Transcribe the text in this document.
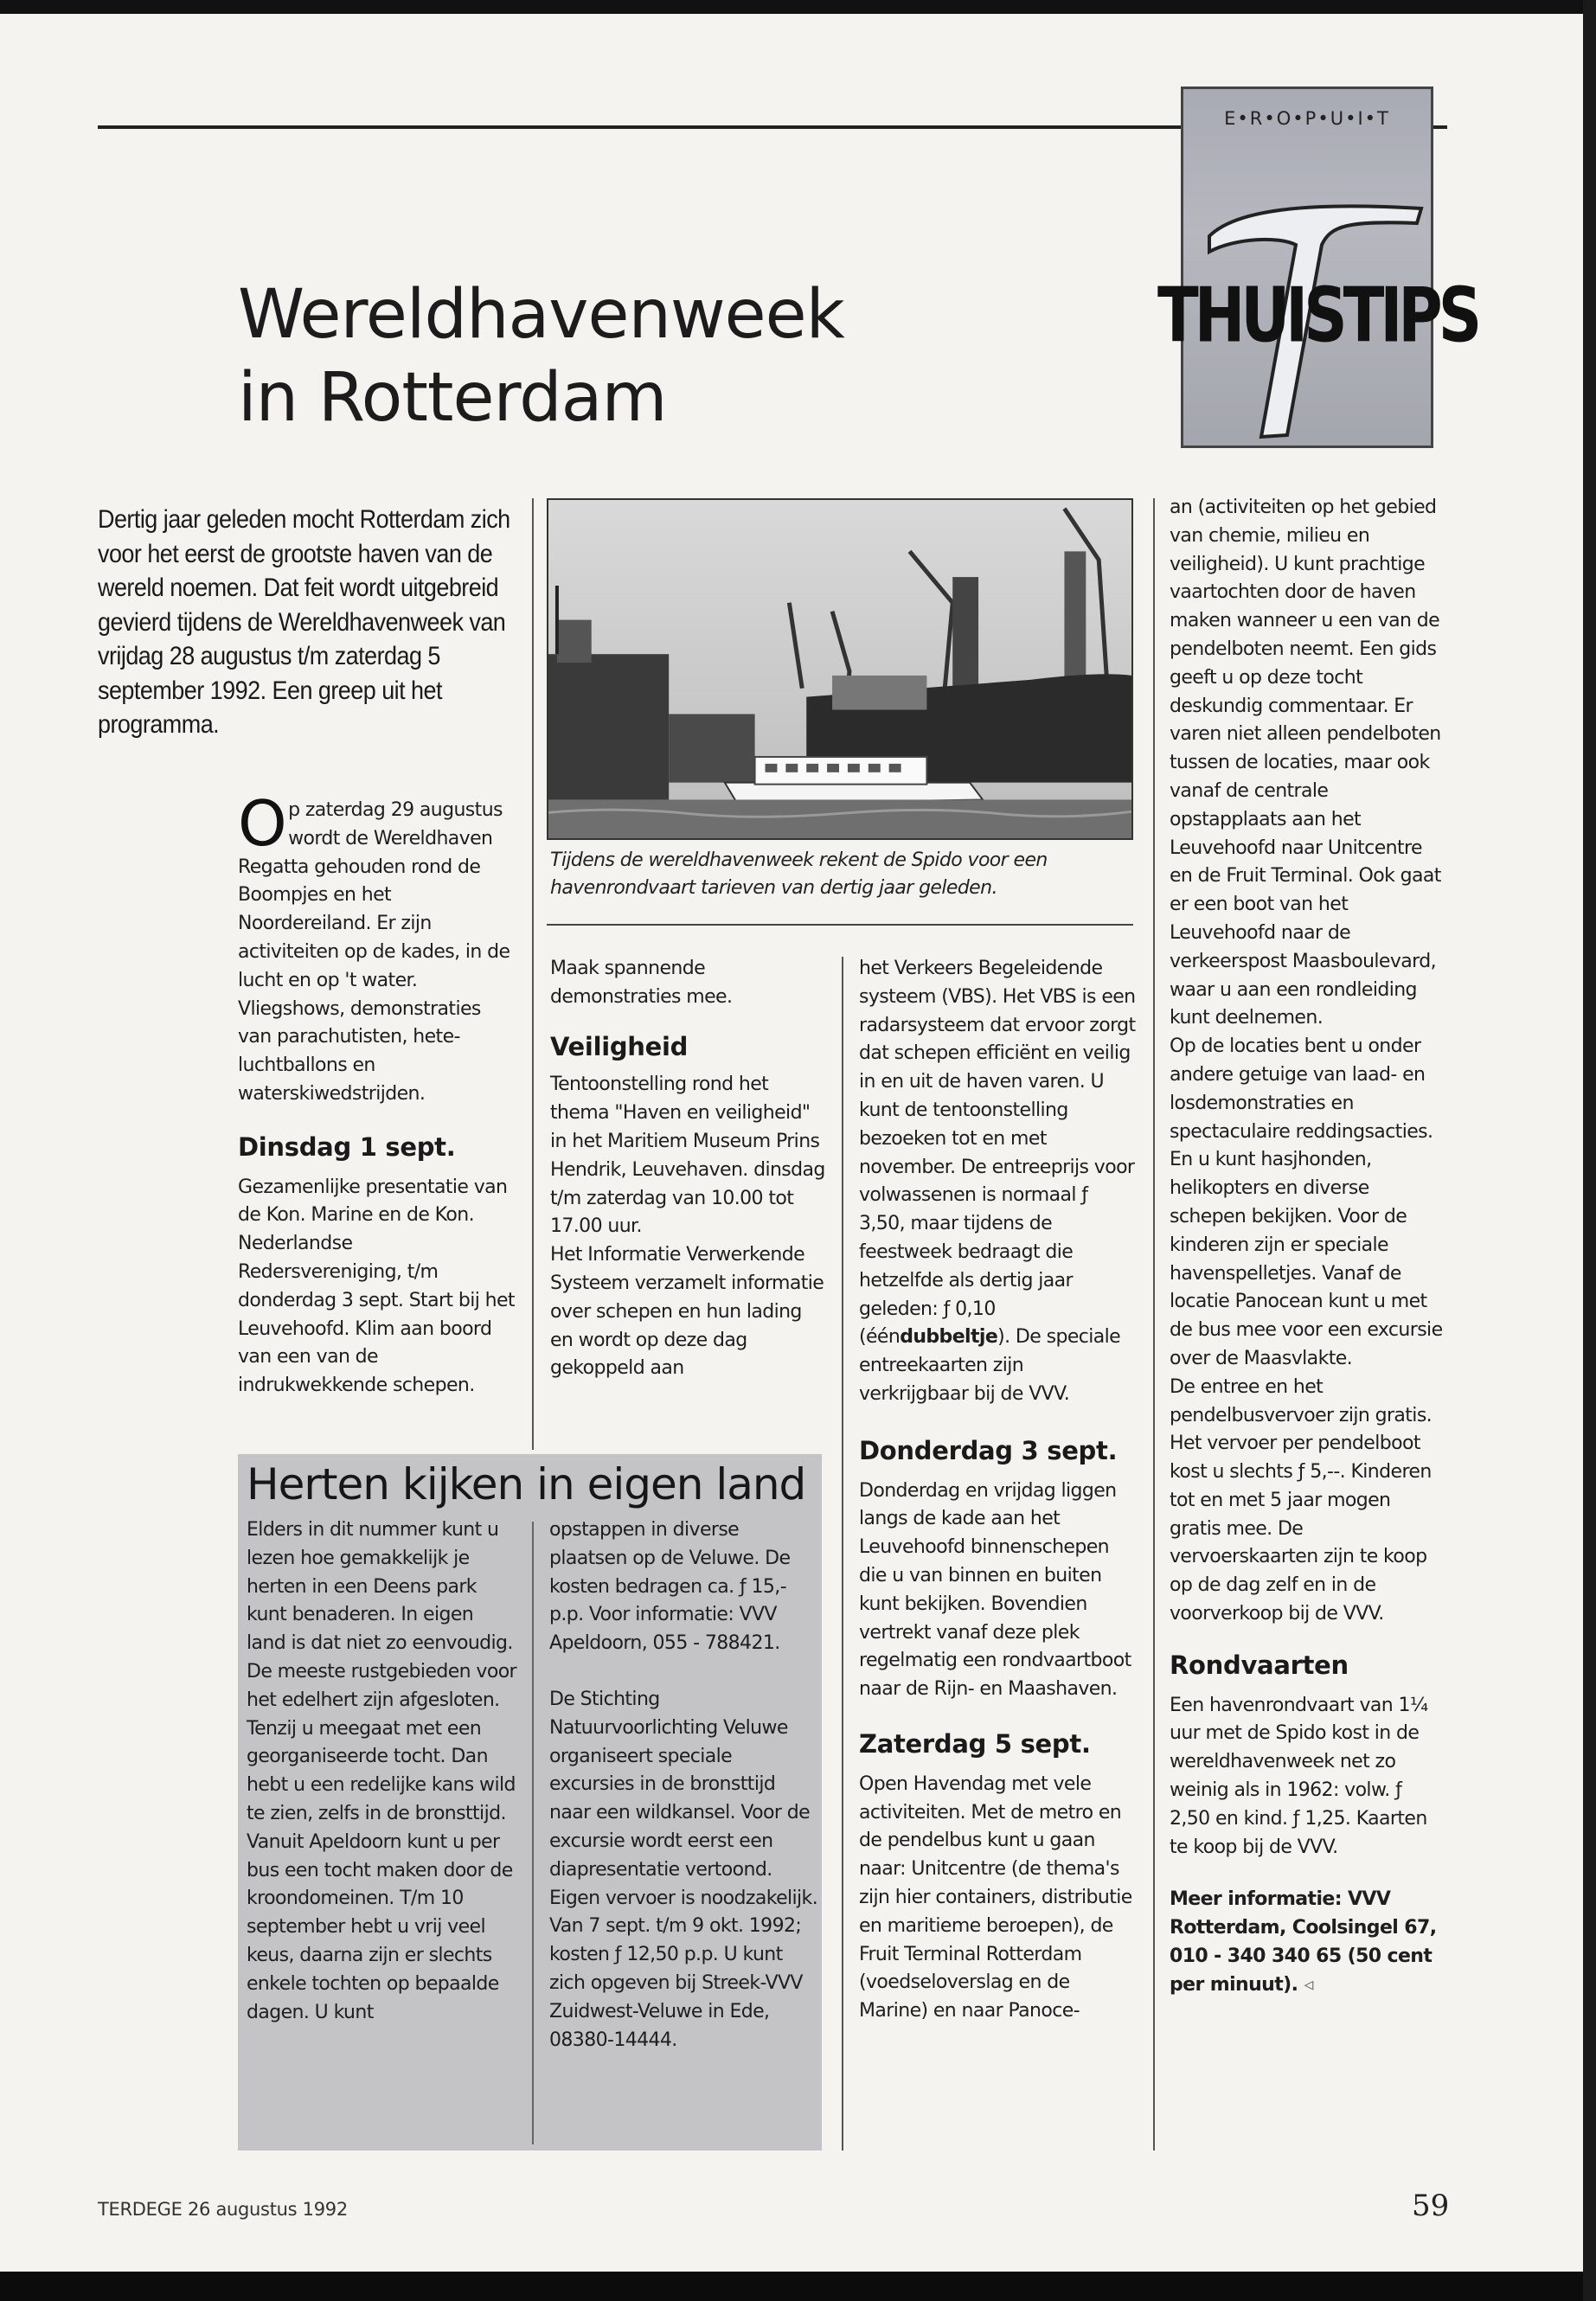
E•R•O•P•U•I•T
THUISTIPS
Wereldhavenweek
in Rotterdam
Dertig jaar geleden mocht Rotterdam zich voor het eerst de grootste haven van de wereld noemen. Dat feit wordt uitgebreid gevierd tijdens de Wereldhavenweek van vrijdag 28 augustus t/m zaterdag 5 september 1992. Een greep uit het programma.

Op zaterdag 29 augustus wordt de Wereldhaven Regatta gehouden rond de Boompjes en het Noordereiland. Er zijn activiteiten op de kades, in de lucht en op 't water. Vliegshows, demonstraties van parachutisten, hete-luchtballons en waterskiwedstrijden.

Dinsdag 1 sept.

Gezamenlijke presentatie van de Kon. Marine en de Kon. Nederlandse Redersvereniging, t/m donderdag 3 sept. Start bij het Leuvehoofd. Klim aan boord van een van de indrukwekkende schepen.

Tijdens de wereldhavenweek rekent de Spido voor een havenrondvaart tarieven van dertig jaar geleden.

Maak spannende demonstraties mee.

Veiligheid

Tentoonstelling rond het thema "Haven en veiligheid" in het Maritiem Museum Prins Hendrik, Leuvehaven. dinsdag t/m zaterdag van 10.00 tot 17.00 uur.

Het Informatie Verwerkende Systeem verzamelt informatie over schepen en hun lading en wordt op deze dag gekoppeld aan

het Verkeers Begeleidende systeem (VBS). Het VBS is een radarsysteem dat ervoor zorgt dat schepen efficiënt en veilig in en uit de haven varen. U kunt de tentoonstelling bezoeken tot en met november. De entreeprijs voor volwassenen is normaal ƒ 3,50, maar tijdens de feestweek bedraagt die hetzelfde als dertig jaar geleden: ƒ 0,10 (ééndubbeltje). De speciale entreekaarten zijn verkrijgbaar bij de VVV.

Donderdag 3 sept.

Donderdag en vrijdag liggen langs de kade aan het Leuvehoofd binnenschepen die u van binnen en buiten kunt bekijken. Bovendien vertrekt vanaf deze plek regelmatig een rondvaartboot naar de Rijn- en Maashaven.

Zaterdag 5 sept.

Open Havendag met vele activiteiten. Met de metro en de pendelbus kunt u gaan naar: Unitcentre (de thema's zijn hier containers, distributie en maritieme beroepen), de Fruit Terminal Rotterdam (voedseloverslag en de Marine) en naar Panoce-

an (activiteiten op het gebied van chemie, milieu en veiligheid). U kunt prachtige vaartochten door de haven maken wanneer u een van de pendelboten neemt. Een gids geeft u op deze tocht deskundig commentaar. Er varen niet alleen pendelboten tussen de locaties, maar ook vanaf de centrale opstapplaats aan het Leuvehoofd naar Unitcentre en de Fruit Terminal. Ook gaat er een boot van het Leuvehoofd naar de verkeerspost Maasboulevard, waar u aan een rondleiding kunt deelnemen.

Op de locaties bent u onder andere getuige van laad- en losdemonstraties en spectaculaire reddingsacties. En u kunt hasjhonden, helikopters en diverse schepen bekijken. Voor de kinderen zijn er speciale havenspelletjes. Vanaf de locatie Panocean kunt u met de bus mee voor een excursie over de Maasvlakte.

De entree en het pendelbusvervoer zijn gratis. Het vervoer per pendelboot kost u slechts ƒ 5,--. Kinderen tot en met 5 jaar mogen gratis mee. De vervoerskaarten zijn te koop op de dag zelf en in de voorverkoop bij de VVV.

Rondvaarten

Een havenrondvaart van 1¼ uur met de Spido kost in de wereldhavenweek net zo weinig als in 1962: volw. ƒ 2,50 en kind. ƒ 1,25. Kaarten te koop bij de VVV.

Meer informatie: VVV Rotterdam, Coolsingel 67, 010 - 340 340 65 (50 cent per minuut). ◃

Herten kijken in eigen land

Elders in dit nummer kunt u lezen hoe gemakkelijk je herten in een Deens park kunt benaderen. In eigen land is dat niet zo eenvoudig. De meeste rustgebieden voor het edelhert zijn afgesloten. Tenzij u meegaat met een georganiseerde tocht. Dan hebt u een redelijke kans wild te zien, zelfs in de bronsttijd. Vanuit Apeldoorn kunt u per bus een tocht maken door de kroondomeinen. T/m 10 september hebt u vrij veel keus, daarna zijn er slechts enkele tochten op bepaalde dagen. U kunt

opstappen in diverse plaatsen op de Veluwe. De kosten bedragen ca. ƒ 15,- p.p. Voor informatie: VVV Apeldoorn, 055 - 788421.

De Stichting Natuurvoorlichting Veluwe organiseert speciale excursies in de bronsttijd naar een wildkansel. Voor de excursie wordt eerst een diapresentatie vertoond. Eigen vervoer is noodzakelijk. Van 7 sept. t/m 9 okt. 1992; kosten ƒ 12,50 p.p. U kunt zich opgeven bij Streek-VVV Zuidwest-Veluwe in Ede, 08380-14444.

TERDEGE 26 augustus 1992	59
